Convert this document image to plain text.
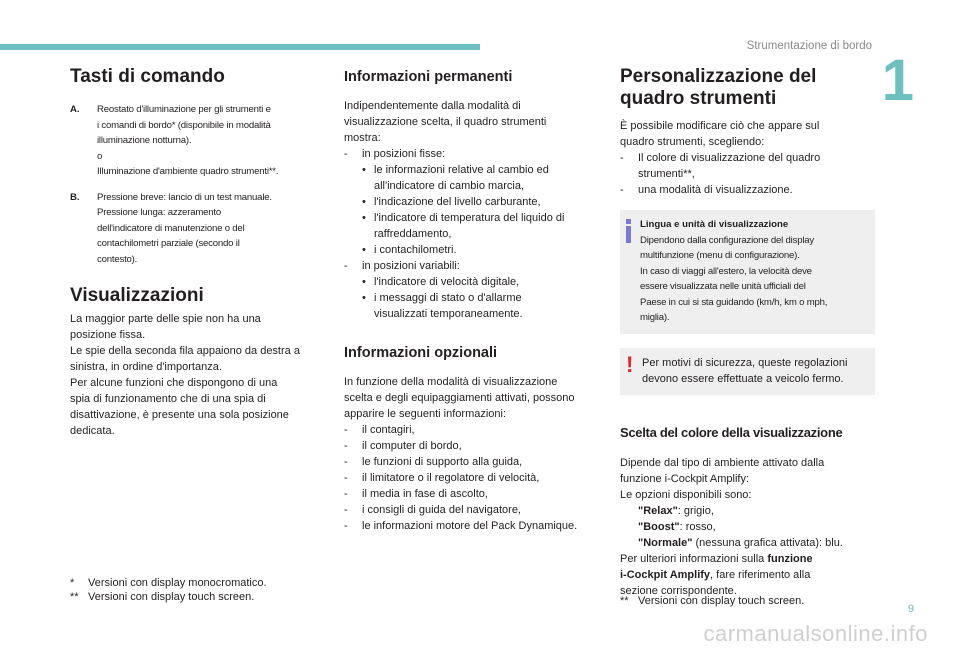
Strumentazione di bordo
1
Tasti di comando
A.	Reostato d'illuminazione per gli strumenti e
i comandi di bordo* (disponibile in modalità
illuminazione notturna).
o
Illuminazione d'ambiente quadro strumenti**.
B.	Pressione breve: lancio di un test manuale.
Pressione lunga: azzeramento
dell'indicatore di manutenzione o del
contachilometri parziale (secondo il
contesto).
Visualizzazioni
La maggior parte delle spie non ha una
posizione fissa.
Le spie della seconda fila appaiono da destra a
sinistra, in ordine d'importanza.
Per alcune funzioni che dispongono di una
spia di funzionamento che di una spia di
disattivazione, è presente una sola posizione
dedicata.
*	Versioni con display monocromatico.
** Versioni con display touch screen.
Informazioni permanenti
Indipendentemente dalla modalità di
visualizzazione scelta, il quadro strumenti
mostra:
-	in posizioni fisse:
• le informazioni relative al cambio ed
all'indicatore di cambio marcia,
• l'indicazione del livello carburante,
• l'indicatore di temperatura del liquido di
raffreddamento,
• i contachilometri.
-	in posizioni variabili:
• l'indicatore di velocità digitale,
• i messaggi di stato o d'allarme
visualizzati temporaneamente.
Informazioni opzionali
In funzione della modalità di visualizzazione
scelta e degli equipaggiamenti attivati, possono
apparire le seguenti informazioni:
-	il contagiri,
-	il computer di bordo,
-	le funzioni di supporto alla guida,
-	il limitatore o il regolatore di velocità,
-	il media in fase di ascolto,
-	i consigli di guida del navigatore,
-	le informazioni motore del Pack Dynamique.
Personalizzazione del
quadro strumenti
È possibile modificare ciò che appare sul
quadro strumenti, scegliendo:
-	Il colore di visualizzazione del quadro
strumenti**,
-	una modalità di visualizzazione.
Lingua e unità di visualizzazione
Dipendono dalla configurazione del display
multifunzione (menu di configurazione).
In caso di viaggi all'estero, la velocità deve
essere visualizzata nelle unità ufficiali del
Paese in cui si sta guidando (km/h, km o mph,
miglia).
! Per motivi di sicurezza, queste regolazioni
devono essere effettuate a veicolo fermo.
Scelta del colore della visualizzazione
Dipende dal tipo di ambiente attivato dalla
funzione i-Cockpit Amplify:
Le opzioni disponibili sono:
"Relax": grigio,
"Boost": rosso,
"Normale" (nessuna grafica attivata): blu.
Per ulteriori informazioni sulla funzione
i-Cockpit Amplify, fare riferimento alla
sezione corrispondente.
** Versioni con display touch screen.
9
carmanualsonline.info
